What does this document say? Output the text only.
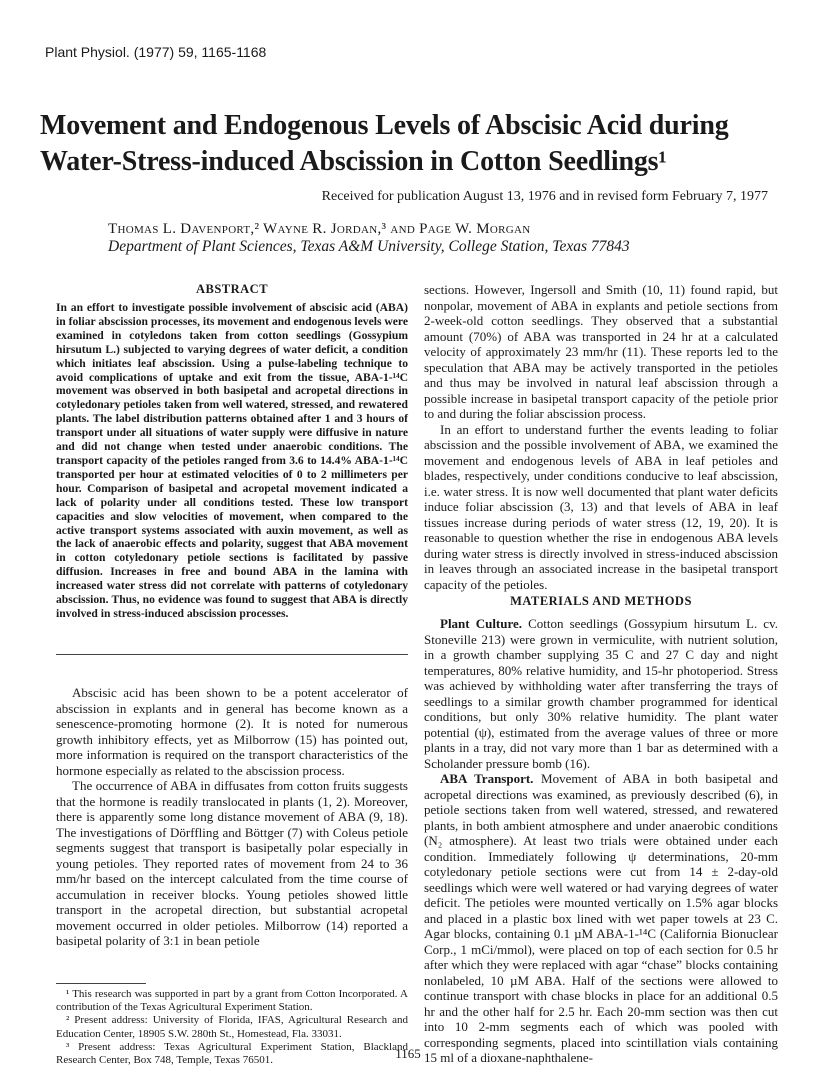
Plant Physiol. (1977) 59, 1165-1168
Movement and Endogenous Levels of Abscisic Acid during
Water-Stress-induced Abscission in Cotton Seedlings¹
Received for publication August 13, 1976 and in revised form February 7, 1977
Thomas L. Davenport,² Wayne R. Jordan,³ and Page W. Morgan
Department of Plant Sciences, Texas A&M University, College Station, Texas 77843
ABSTRACT
In an effort to investigate possible involvement of abscisic acid (ABA) in foliar abscission processes, its movement and endogenous levels were examined in cotyledons taken from cotton seedlings (Gossypium hirsutum L.) subjected to varying degrees of water deficit, a condition which initiates leaf abscission. Using a pulse-labeling technique to avoid complications of uptake and exit from the tissue, ABA-1-¹⁴C movement was observed in both basipetal and acropetal directions in cotyledonary petioles taken from well watered, stressed, and rewatered plants. The label distribution patterns obtained after 1 and 3 hours of transport under all situations of water supply were diffusive in nature and did not change when tested under anaerobic conditions. The transport capacity of the petioles ranged from 3.6 to 14.4% ABA-1-¹⁴C transported per hour at estimated velocities of 0 to 2 millimeters per hour. Comparison of basipetal and acropetal movement indicated a lack of polarity under all conditions tested. These low transport capacities and slow velocities of movement, when compared to the active transport systems associated with auxin movement, as well as the lack of anaerobic effects and polarity, suggest that ABA movement in cotton cotyledonary petiole sections is facilitated by passive diffusion. Increases in free and bound ABA in the lamina with increased water stress did not correlate with patterns of cotyledonary abscission. Thus, no evidence was found to suggest that ABA is directly involved in stress-induced abscission processes.

Abscisic acid has been shown to be a potent accelerator of abscission in explants and in general has become known as a senescence-promoting hormone (2). It is noted for numerous growth inhibitory effects, yet as Milborrow (15) has pointed out, more information is required on the transport characteristics of the hormone especially as related to the abscission process.

The occurrence of ABA in diffusates from cotton fruits suggests that the hormone is readily translocated in plants (1, 2). Moreover, there is apparently some long distance movement of ABA (9, 18). The investigations of Dörffling and Böttger (7) with Coleus petiole segments suggest that transport is basipetally polar especially in young petioles. They reported rates of movement from 24 to 36 mm/hr based on the intercept calculated from the time course of accumulation in receiver blocks. Young petioles showed little transport in the acropetal direction, but substantial acropetal movement occurred in older petioles. Milborrow (14) reported a basipetal polarity of 3:1 in bean petiole

sections. However, Ingersoll and Smith (10, 11) found rapid, but nonpolar, movement of ABA in explants and petiole sections from 2-week-old cotton seedlings. They observed that a substantial amount (70%) of ABA was transported in 24 hr at a calculated velocity of approximately 23 mm/hr (11). These reports led to the speculation that ABA may be actively transported in the petioles and thus may be involved in natural leaf abscission through a possible increase in basipetal transport capacity of the petiole prior to and during the foliar abscission process.

In an effort to understand further the events leading to foliar abscission and the possible involvement of ABA, we examined the movement and endogenous levels of ABA in leaf petioles and blades, respectively, under conditions conducive to leaf abscission, i.e. water stress. It is now well documented that plant water deficits induce foliar abscission (3, 13) and that levels of ABA in leaf tissues increase during periods of water stress (12, 19, 20). It is reasonable to question whether the rise in endogenous ABA levels during water stress is directly involved in stress-induced abscission in leaves through an associated increase in the basipetal transport capacity of the petioles.

MATERIALS AND METHODS

Plant Culture. Cotton seedlings (Gossypium hirsutum L. cv. Stoneville 213) were grown in vermiculite, with nutrient solution, in a growth chamber supplying 35 C and 27 C day and night temperatures, 80% relative humidity, and 15-hr photoperiod. Stress was achieved by withholding water after transferring the trays of seedlings to a similar growth chamber programmed for identical conditions, but only 30% relative humidity. The plant water potential (ψ), estimated from the average values of three or more plants in a tray, did not vary more than 1 bar as determined with a Scholander pressure bomb (16).

ABA Transport. Movement of ABA in both basipetal and acropetal directions was examined, as previously described (6), in petiole sections taken from well watered, stressed, and rewatered plants, in both ambient atmosphere and under anaerobic conditions (N₂ atmosphere). At least two trials were obtained under each condition. Immediately following ψ determinations, 20-mm cotyledonary petiole sections were cut from 14 ± 2-day-old seedlings which were well watered or had varying degrees of water deficit. The petioles were mounted vertically on 1.5% agar blocks and placed in a plastic box lined with wet paper towels at 23 C. Agar blocks, containing 0.1 µM ABA-1-¹⁴C (California Bionuclear Corp., 1 mCi/mmol), were placed on top of each section for 0.5 hr after which they were replaced with agar “chase” blocks containing nonlabeled, 10 µM ABA. Half of the sections were allowed to continue transport with chase blocks in place for an additional 0.5 hr and the other half for 2.5 hr. Each 20-mm section was then cut into 10 2-mm segments each of which was pooled with corresponding segments, placed into scintillation vials containing 15 ml of a dioxane-naphthalene-

¹ This research was supported in part by a grant from Cotton Incorporated. A contribution of the Texas Agricultural Experiment Station.

² Present address: University of Florida, IFAS, Agricultural Research and Education Center, 18905 S.W. 280th St., Homestead, Fla. 33031.

³ Present address: Texas Agricultural Experiment Station, Blackland Research Center, Box 748, Temple, Texas 76501.	1165
